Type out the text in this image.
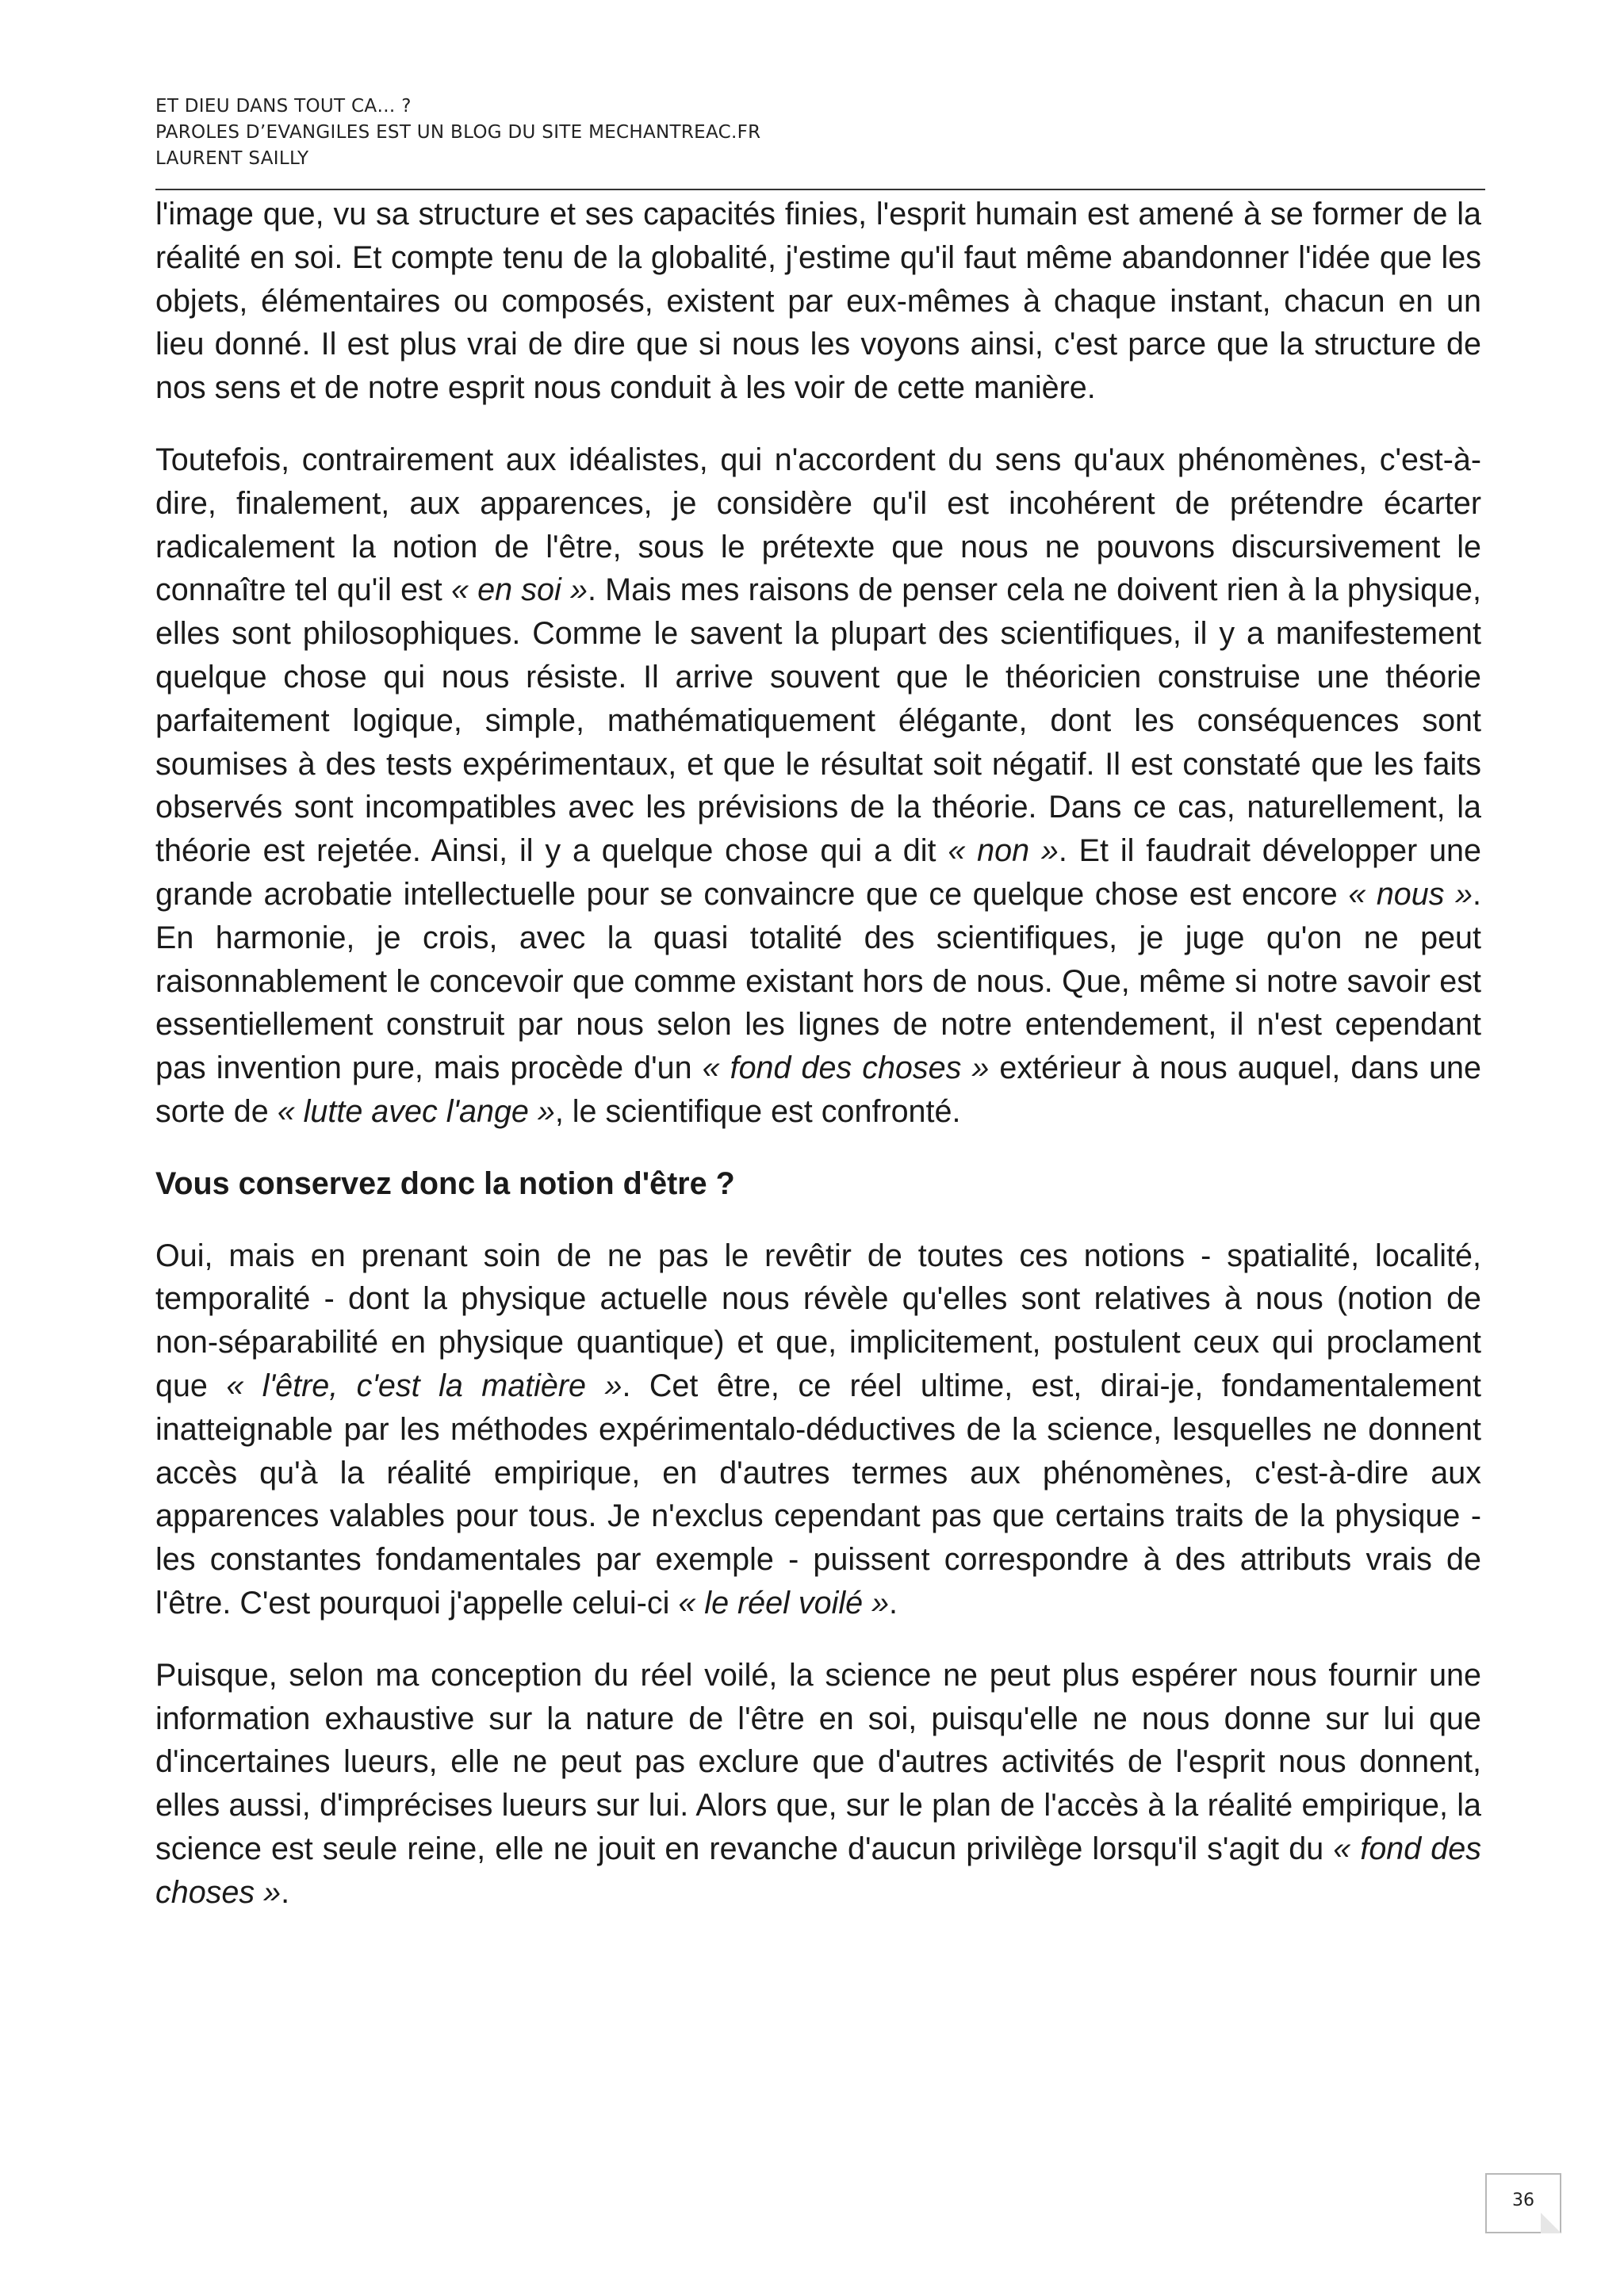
ET DIEU DANS TOUT CA… ?
PAROLES D’EVANGILES EST UN BLOG DU SITE MECHANTREAC.FR
LAURENT SAILLY

l'image que, vu sa structure et ses capacités finies, l'esprit humain est amené à se former de la réalité en soi. Et compte tenu de la globalité, j'estime qu'il faut même abandonner l'idée que les objets, élémentaires ou composés, existent par eux-mêmes à chaque instant, chacun en un lieu donné. Il est plus vrai de dire que si nous les voyons ainsi, c'est parce que la structure de nos sens et de notre esprit nous conduit à les voir de cette manière.

Toutefois, contrairement aux idéalistes, qui n'accordent du sens qu'aux phénomènes, c'est-à-dire, finalement, aux apparences, je considère qu'il est incohérent de prétendre écarter radicalement la notion de l'être, sous le prétexte que nous ne pouvons discursivement le connaître tel qu'il est « en soi ». Mais mes raisons de penser cela ne doivent rien à la physique, elles sont philosophiques. Comme le savent la plupart des scientifiques, il y a manifestement quelque chose qui nous résiste. Il arrive souvent que le théoricien construise une théorie parfaitement logique, simple, mathématiquement élégante, dont les conséquences sont soumises à des tests expérimentaux, et que le résultat soit négatif. Il est constaté que les faits observés sont incompatibles avec les prévisions de la théorie. Dans ce cas, naturellement, la théorie est rejetée. Ainsi, il y a quelque chose qui a dit « non ». Et il faudrait développer une grande acrobatie intellectuelle pour se convaincre que ce quelque chose est encore « nous ». En harmonie, je crois, avec la quasi totalité des scientifiques, je juge qu'on ne peut raisonnablement le concevoir que comme existant hors de nous. Que, même si notre savoir est essentiellement construit par nous selon les lignes de notre entendement, il n'est cependant pas invention pure, mais procède d'un « fond des choses » extérieur à nous auquel, dans une sorte de « lutte avec l'ange », le scientifique est confronté.

Vous conservez donc la notion d'être ?

Oui, mais en prenant soin de ne pas le revêtir de toutes ces notions - spatialité, localité, temporalité - dont la physique actuelle nous révèle qu'elles sont relatives à nous (notion de non-séparabilité en physique quantique) et que, implicitement, postulent ceux qui proclament que « l'être, c'est la matière ». Cet être, ce réel ultime, est, dirai-je, fondamentalement inatteignable par les méthodes expérimentalo-déductives de la science, lesquelles ne donnent accès qu'à la réalité empirique, en d'autres termes aux phénomènes, c'est-à-dire aux apparences valables pour tous. Je n'exclus cependant pas que certains traits de la physique - les constantes fondamentales par exemple - puissent correspondre à des attributs vrais de l'être. C'est pourquoi j'appelle celui-ci « le réel voilé ».

Puisque, selon ma conception du réel voilé, la science ne peut plus espérer nous fournir une information exhaustive sur la nature de l'être en soi, puisqu'elle ne nous donne sur lui que d'incertaines lueurs, elle ne peut pas exclure que d'autres activités de l'esprit nous donnent, elles aussi, d'imprécises lueurs sur lui. Alors que, sur le plan de l'accès à la réalité empirique, la science est seule reine, elle ne jouit en revanche d'aucun privilège lorsqu'il s'agit du « fond des choses ».

36
